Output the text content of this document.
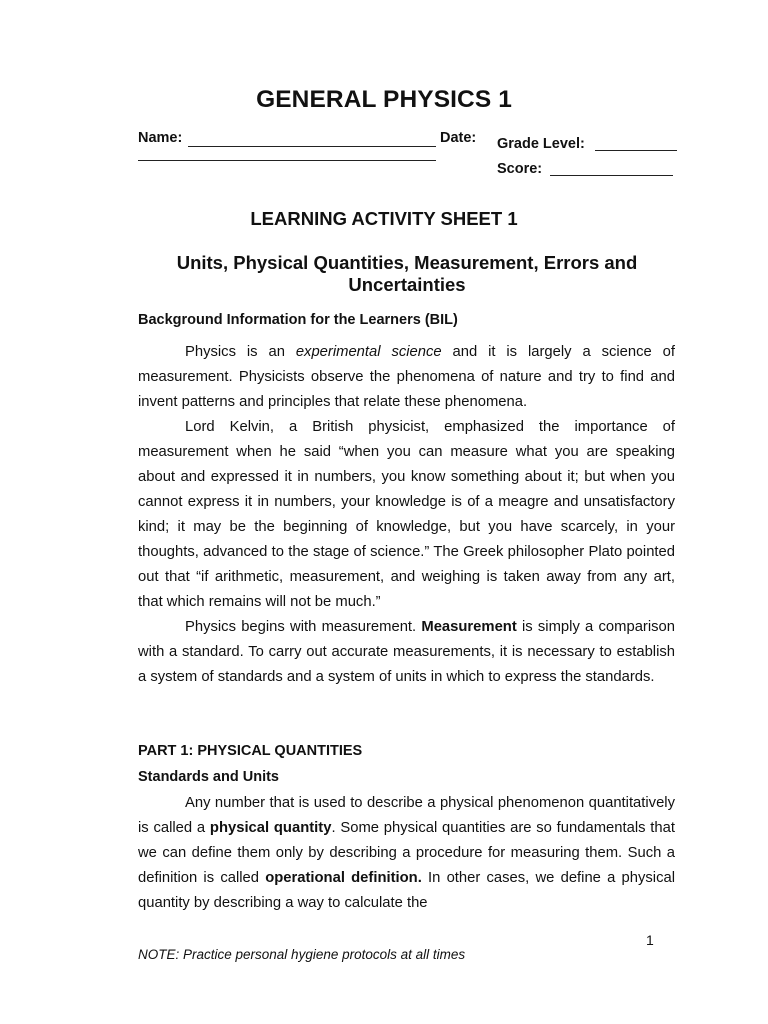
GENERAL PHYSICS 1
Name:	Date: Grade Level:
Score:
LEARNING ACTIVITY SHEET 1
Units, Physical Quantities, Measurement, Errors and Uncertainties
Background Information for the Learners (BIL)

Physics is an experimental science and it is largely a science of measurement. Physicists observe the phenomena of nature and try to find and invent patterns and principles that relate these phenomena.

Lord Kelvin, a British physicist, emphasized the importance of measurement when he said “when you can measure what you are speaking about and expressed it in numbers, you know something about it; but when you cannot express it in numbers, your knowledge is of a meagre and unsatisfactory kind; it may be the beginning of knowledge, but you have scarcely, in your thoughts, advanced to the stage of science.” The Greek philosopher Plato pointed out that “if arithmetic, measurement, and weighing is taken away from any art, that which remains will not be much.”

Physics begins with measurement. Measurement is simply a comparison with a standard. To carry out accurate measurements, it is necessary to establish a system of standards and a system of units in which to express the standards.

PART 1: PHYSICAL QUANTITIES
Standards and Units

Any number that is used to describe a physical phenomenon quantitatively is called a physical quantity. Some physical quantities are so fundamentals that we can define them only by describing a procedure for measuring them. Such a definition is called operational definition. In other cases, we define a physical quantity by describing a way to calculate the

1
NOTE: Practice personal hygiene protocols at all times
